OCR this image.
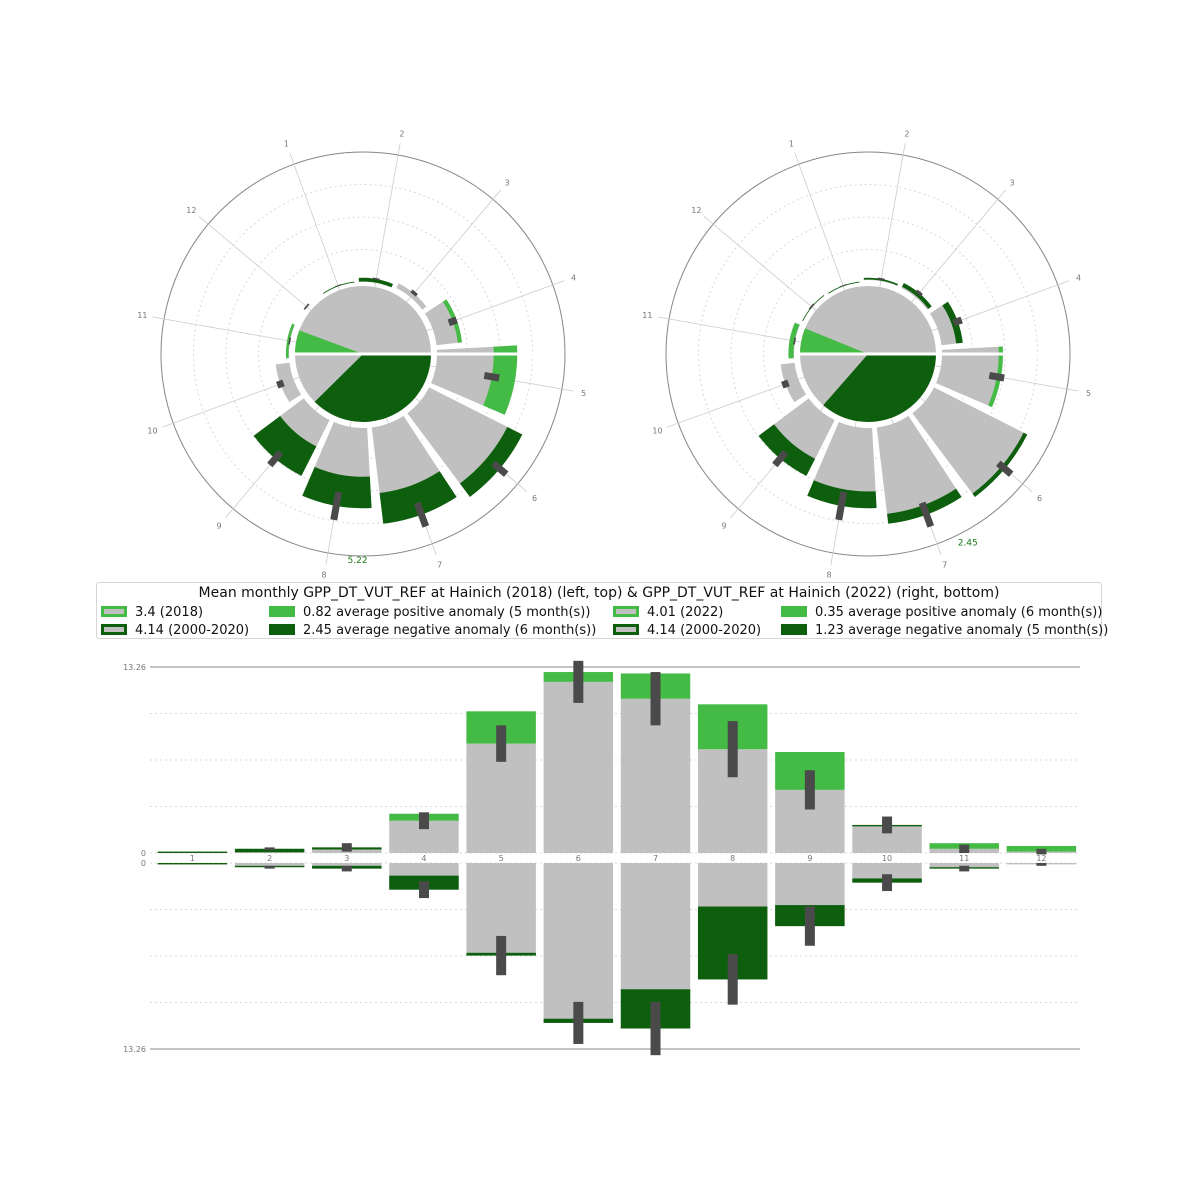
1
2
3
4
5
6
7
8
9
10
11
12
5.22
1
2
3
4
5
6
7
8
9
10
11
12
2.45
13.26
0
0
13.26
1	2	3	4	5	6	7	8	9	10	11	12
Mean monthly GPP_DT_VUT_REF at Hainich (2018) (left, top) & GPP_DT_VUT_REF at Hainich (2022) (right, bottom)
3.4 (2018)
4.14 (2000-2020)
0.82 average positive anomaly (5 month(s))
2.45 average negative anomaly (6 month(s))
4.01 (2022)
4.14 (2000-2020)
0.35 average positive anomaly (6 month(s))
1.23 average negative anomaly (5 month(s))
